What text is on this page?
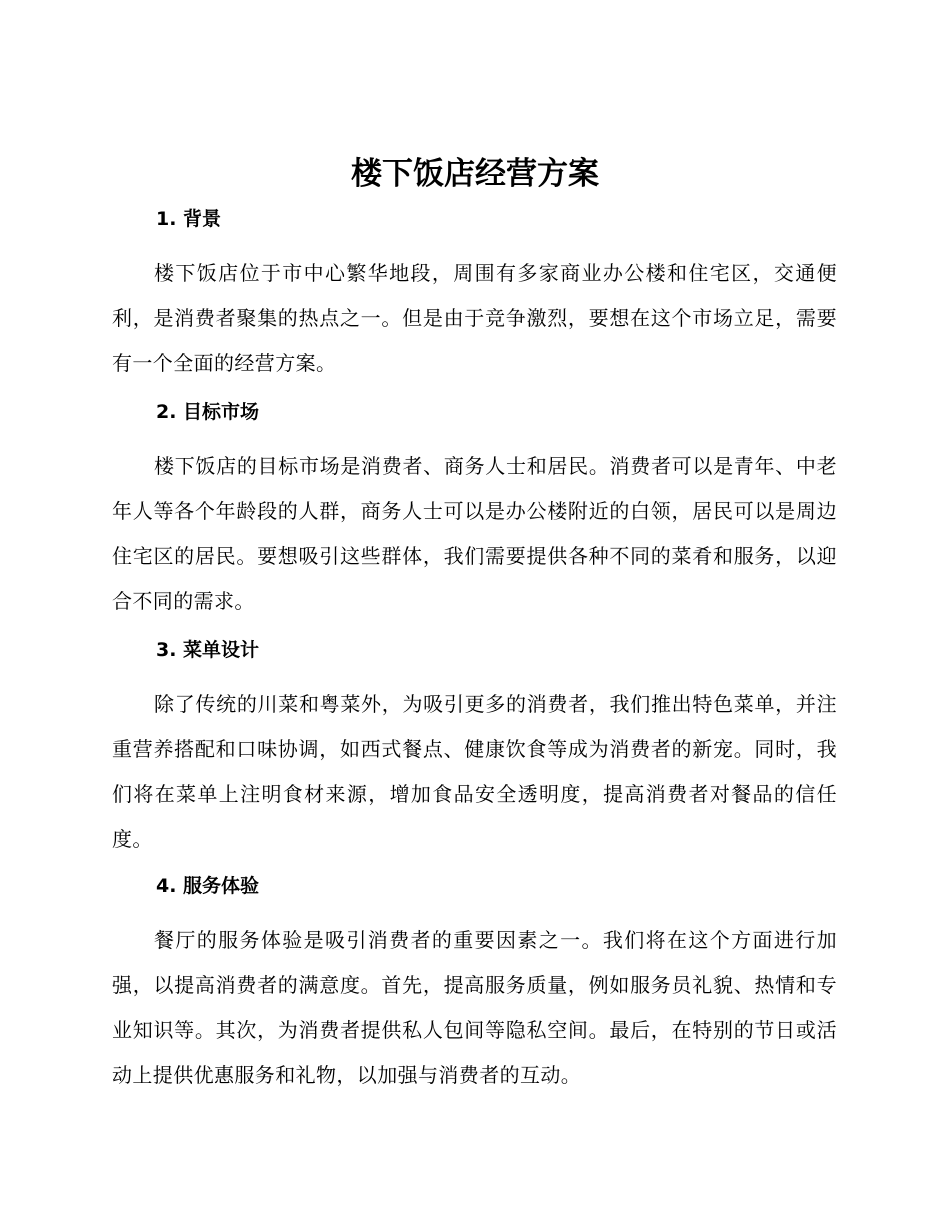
楼下饭店经营方案
1. 背景

楼下饭店位于市中心繁华地段，周围有多家商业办公楼和住宅区，交通便利，是消费者聚集的热点之一。但是由于竞争激烈，要想在这个市场立足，需要有一个全面的经营方案。

2. 目标市场

楼下饭店的目标市场是消费者、商务人士和居民。消费者可以是青年、中老年人等各个年龄段的人群，商务人士可以是办公楼附近的白领，居民可以是周边住宅区的居民。要想吸引这些群体，我们需要提供各种不同的菜肴和服务，以迎合不同的需求。

3. 菜单设计

除了传统的川菜和粤菜外，为吸引更多的消费者，我们推出特色菜单，并注重营养搭配和口味协调，如西式餐点、健康饮食等成为消费者的新宠。同时，我们将在菜单上注明食材来源，增加食品安全透明度，提高消费者对餐品的信任度。

4. 服务体验

餐厅的服务体验是吸引消费者的重要因素之一。我们将在这个方面进行加强，以提高消费者的满意度。首先，提高服务质量，例如服务员礼貌、热情和专业知识等。其次，为消费者提供私人包间等隐私空间。最后，在特别的节日或活动上提供优惠服务和礼物，以加强与消费者的互动。
